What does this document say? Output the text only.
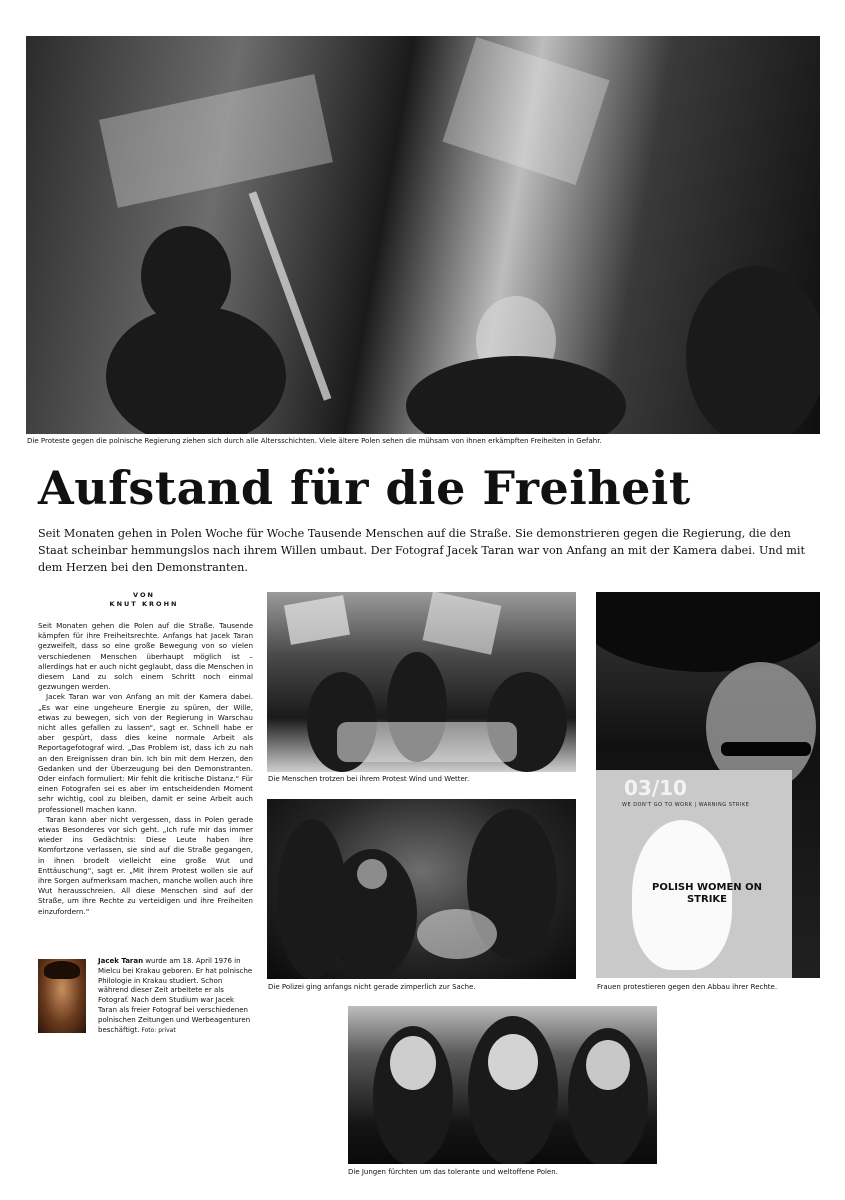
Die Proteste gegen die polnische Regierung ziehen sich durch alle Altersschichten. Viele ältere Polen sehen die mühsam von ihnen erkämpften Freiheiten in Gefahr.
Aufstand für die Freiheit

Seit Monaten gehen in Polen Woche für Woche Tausende Menschen auf die Straße. Sie demonstrieren gegen die Regierung, die den Staat scheinbar hemmungslos nach ihrem Willen umbaut. Der Fotograf Jacek Taran war von Anfang an mit der Kamera dabei. Und mit dem Herzen bei den Demonstranten.

VON
KNUT KROHN

Seit Monaten gehen die Polen auf die Straße. Tausende kämpfen für ihre Freiheitsrechte. Anfangs hat Jacek Taran gezweifelt, dass so eine große Bewegung von so vielen verschiedenen Menschen überhaupt möglich ist – allerdings hat er auch nicht geglaubt, dass die Menschen in diesem Land zu solch einem Schritt noch einmal gezwungen werden.

Jacek Taran war von Anfang an mit der Kamera dabei. „Es war eine ungeheure Energie zu spüren, der Wille, etwas zu bewegen, sich von der Regierung in Warschau nicht alles gefallen zu lassen“, sagt er. Schnell habe er aber gespürt, dass dies keine normale Arbeit als Reportagefotograf wird. „Das Problem ist, dass ich zu nah an den Ereignissen dran bin. Ich bin mit dem Herzen, den Gedanken und der Überzeugung bei den Demonstranten. Oder einfach formuliert: Mir fehlt die kritische Distanz.“ Für einen Fotografen sei es aber im entscheidenden Moment sehr wichtig, cool zu bleiben, damit er seine Arbeit auch professionell machen kann.

Taran kann aber nicht vergessen, dass in Polen gerade etwas Besonderes vor sich geht. „Ich rufe mir das immer wieder ins Gedächtnis: Diese Leute haben ihre Komfortzone verlassen, sie sind auf die Straße gegangen, in ihnen brodelt vielleicht eine große Wut und Enttäuschung“, sagt er. „Mit ihrem Protest wollen sie auf ihre Sorgen aufmerksam machen, manche wollen auch ihre Wut herausschreien. All diese Menschen sind auf der Straße, um ihre Rechte zu verteidigen und ihre Freiheiten einzufordern.“

Jacek Taran wurde am 18. April 1976 in Mielcu bei Krakau geboren. Er hat polnische Philologie in Krakau studiert. Schon während dieser Zeit arbeitete er als Fotograf. Nach dem Studium war Jacek Taran als freier Fotograf bei verschiedenen polnischen Zeitungen und Werbeagenturen beschäftigt. Foto: privat
Die Menschen trotzen bei ihrem Protest Wind und Wetter.
Die Polizei ging anfangs nicht gerade zimperlich zur Sache.
03/10
WE DON'T GO TO WORK | WARNING STRIKE
POLISH WOMEN ON STRIKE
Frauen protestieren gegen den Abbau ihrer Rechte.
Die Jungen fürchten um das tolerante und weltoffene Polen.
